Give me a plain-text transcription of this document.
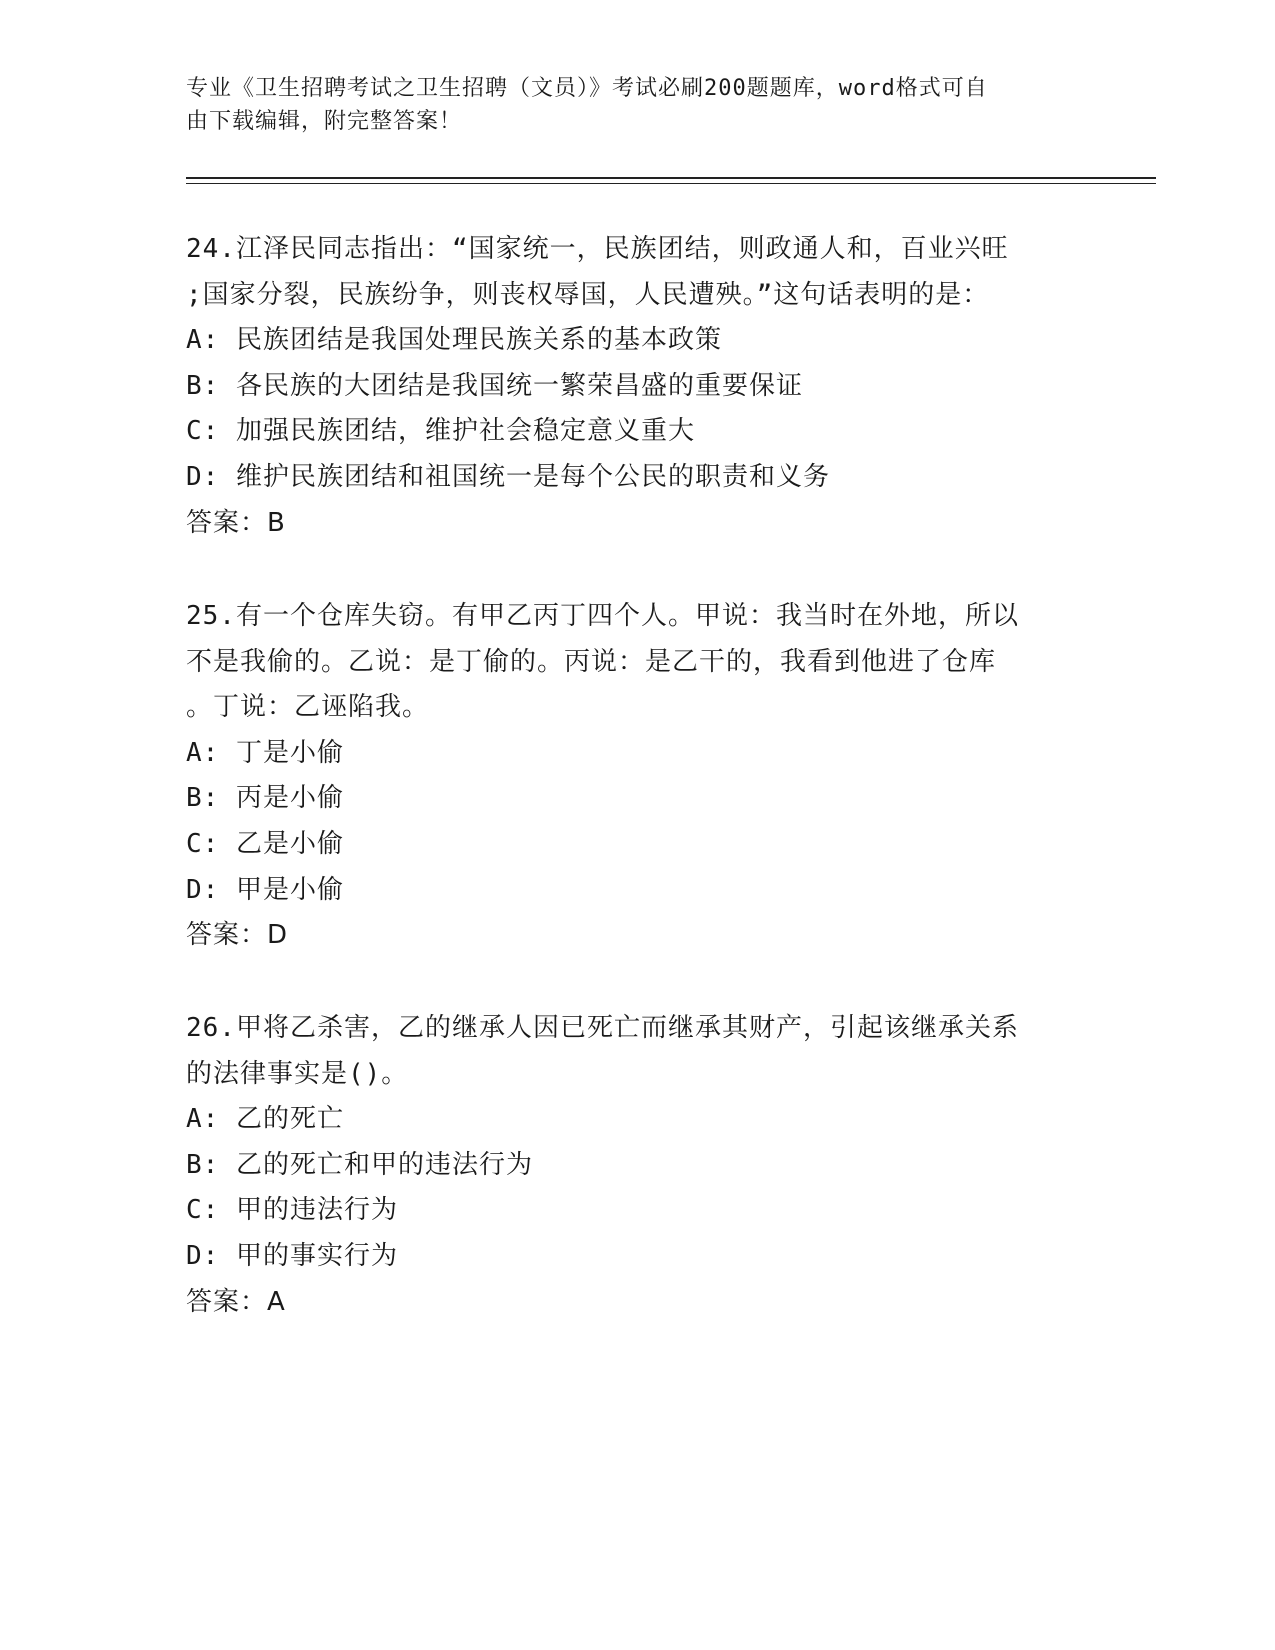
专业《卫生招聘考试之卫生招聘（文员）》考试必刷200题题库，word格式可自
由下载编辑，附完整答案！
24.江泽民同志指出：“国家统一，民族团结，则政通人和，百业兴旺
;国家分裂，民族纷争，则丧权辱国，人民遭殃。”这句话表明的是：
A: 民族团结是我国处理民族关系的基本政策
B: 各民族的大团结是我国统一繁荣昌盛的重要保证
C: 加强民族团结，维护社会稳定意义重大
D: 维护民族团结和祖国统一是每个公民的职责和义务
答案：B
25.有一个仓库失窃。有甲乙丙丁四个人。甲说：我当时在外地，所以
不是我偷的。乙说：是丁偷的。丙说：是乙干的，我看到他进了仓库
。丁说：乙诬陷我。
A: 丁是小偷
B: 丙是小偷
C: 乙是小偷
D: 甲是小偷
答案：D
26.甲将乙杀害，乙的继承人因已死亡而继承其财产，引起该继承关系
的法律事实是()。
A: 乙的死亡
B: 乙的死亡和甲的违法行为
C: 甲的违法行为
D: 甲的事实行为
答案：A
